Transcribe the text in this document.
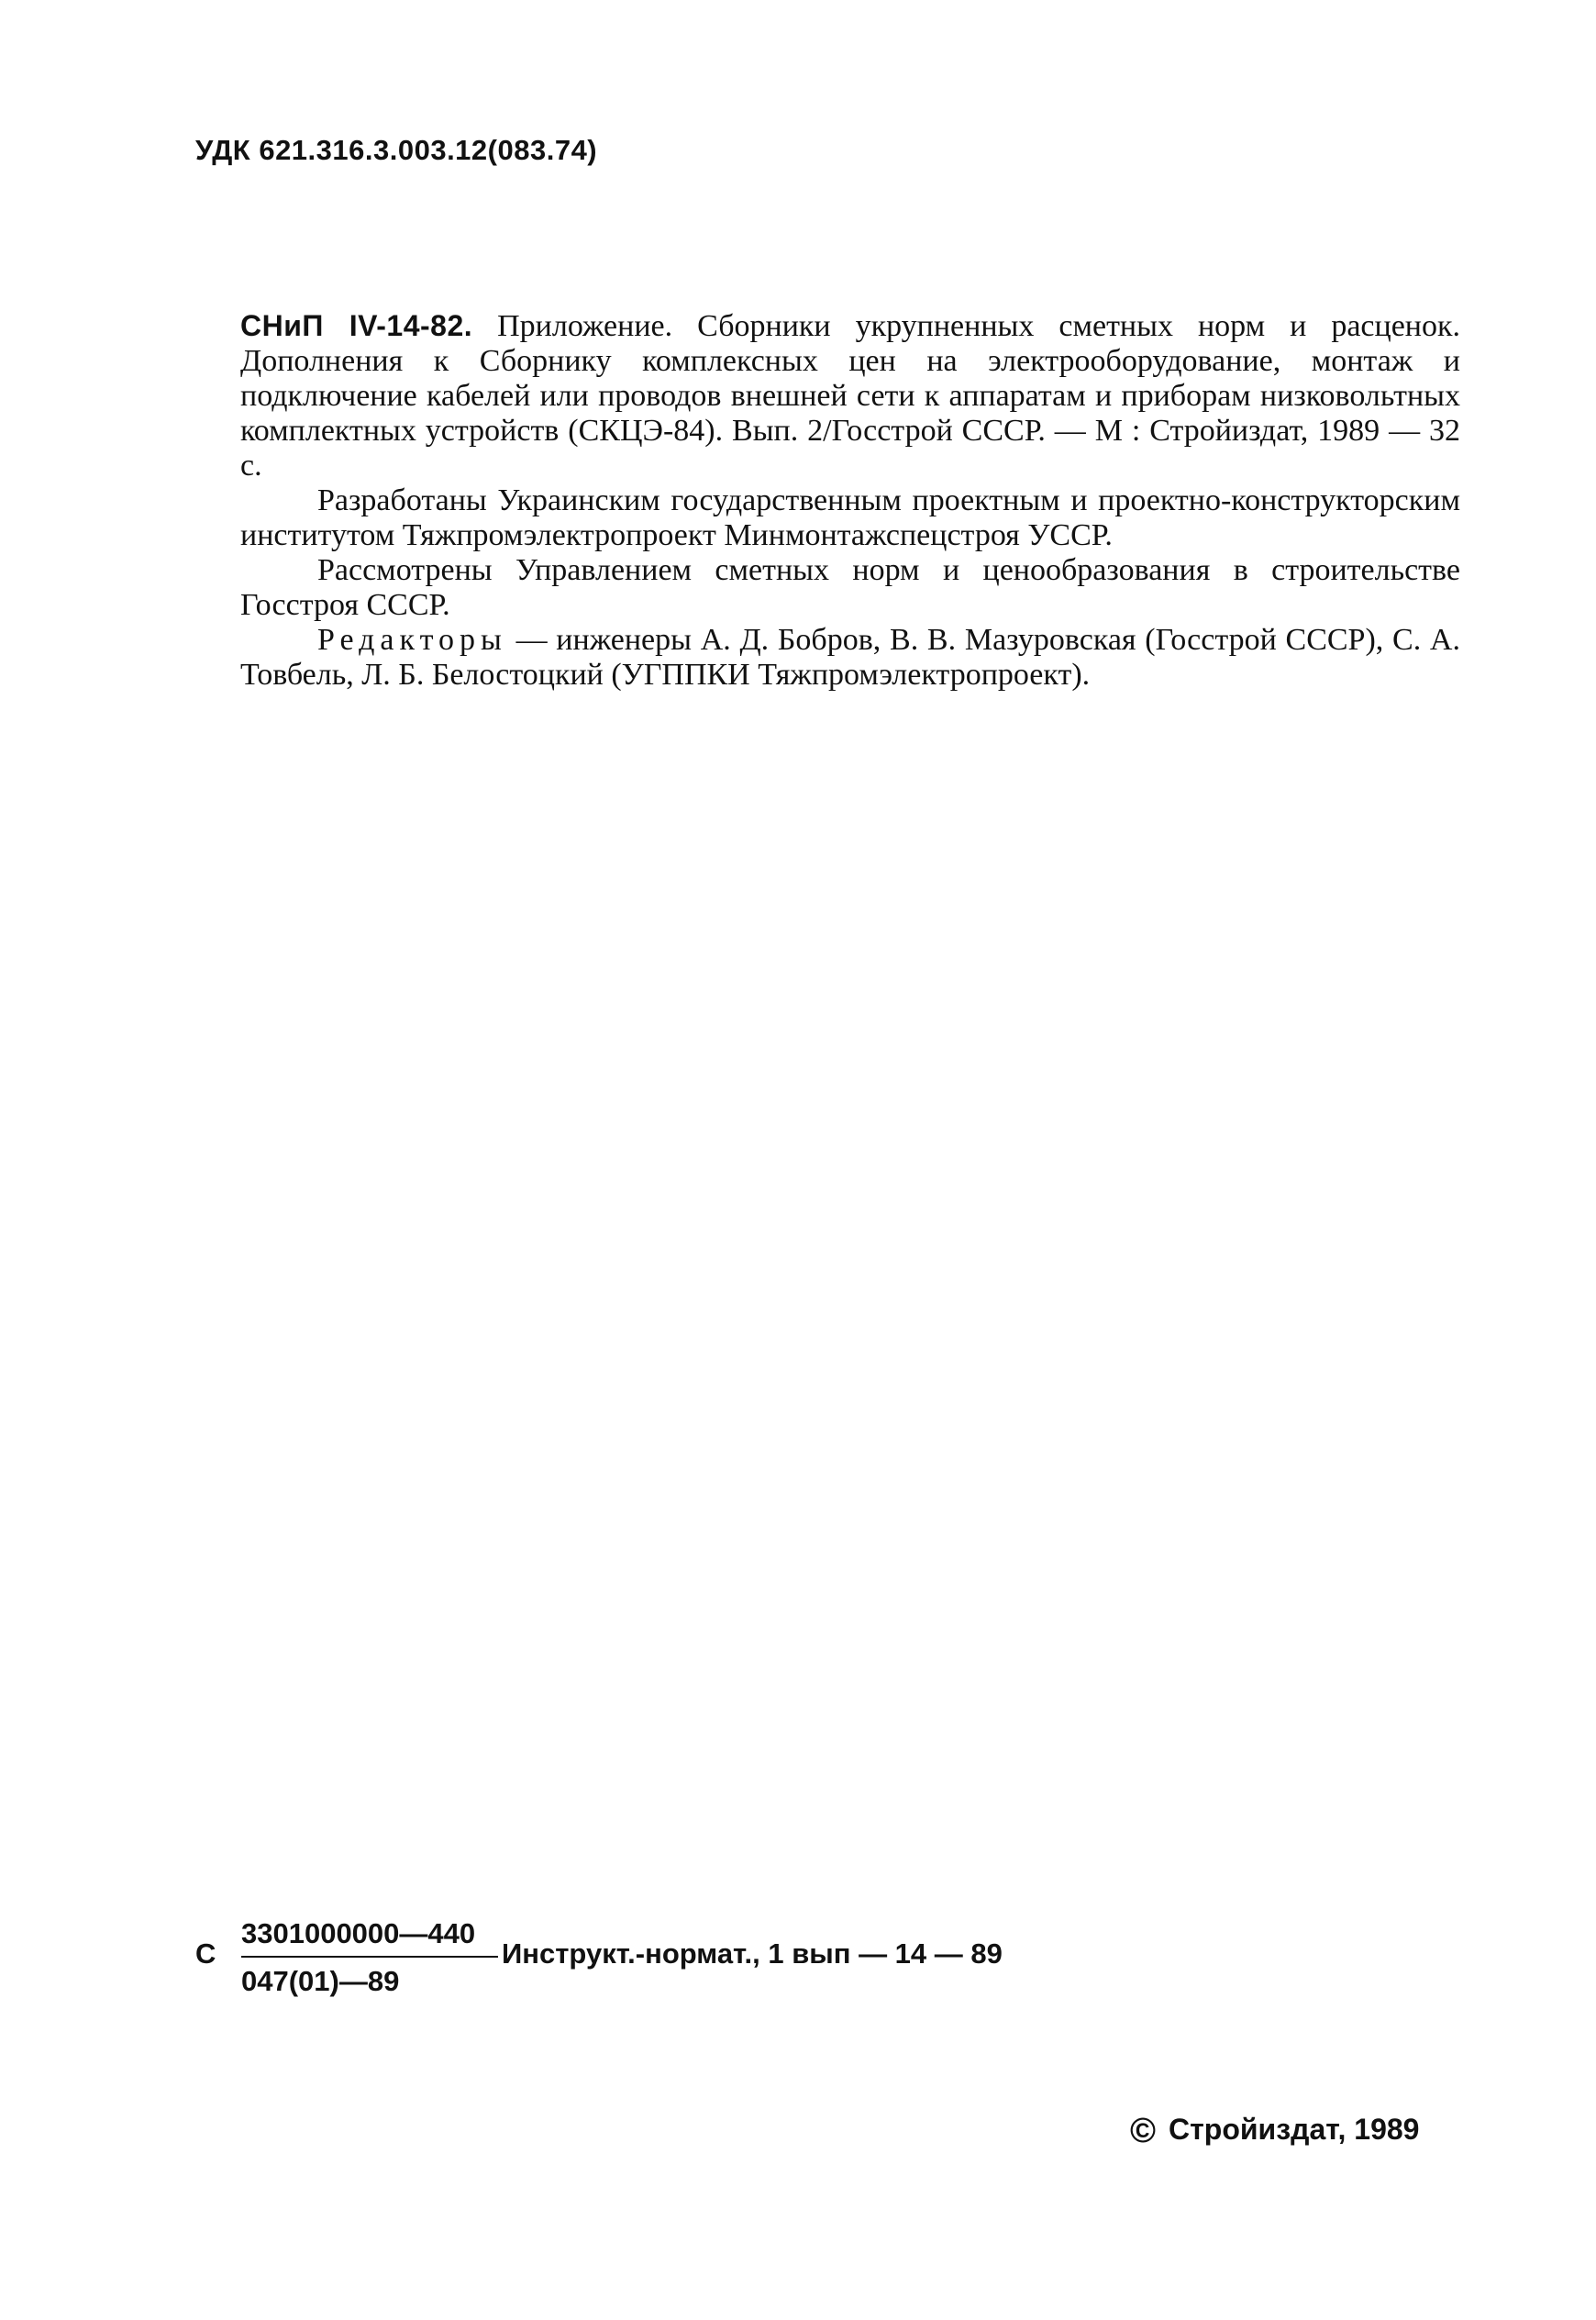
УДК 621.316.3.003.12(083.74)

СНиП IV-14-82. Приложение. Сборники укрупненных сметных норм и расценок. Дополнения к Сборнику комплексных цен на электрооборудование, монтаж и подключение кабелей или проводов внешней сети к аппаратам и приборам низковольтных комплектных устройств (СКЦЭ-84). Вып. 2/Госстрой СССР. — М : Стройиздат, 1989 — 32 с.

Разработаны Украинским государственным проектным и проектно-конструкторским институтом Тяжпромэлектропроект Минмонтажспецстроя УССР.

Рассмотрены Управлением сметных норм и ценообразования в строительстве Госстроя СССР.

Редакторы — инженеры А. Д. Бобров, В. В. Мазуровская (Госстрой СССР), С. А. Товбель, Л. Б. Белостоцкий (УГППКИ Тяжпромэлектропроект).

С $\frac{3301000000—440}{047(01)—89}$
Инструкт.-нормат., 1 вып — 14 — 89
© Стройиздат, 1989
